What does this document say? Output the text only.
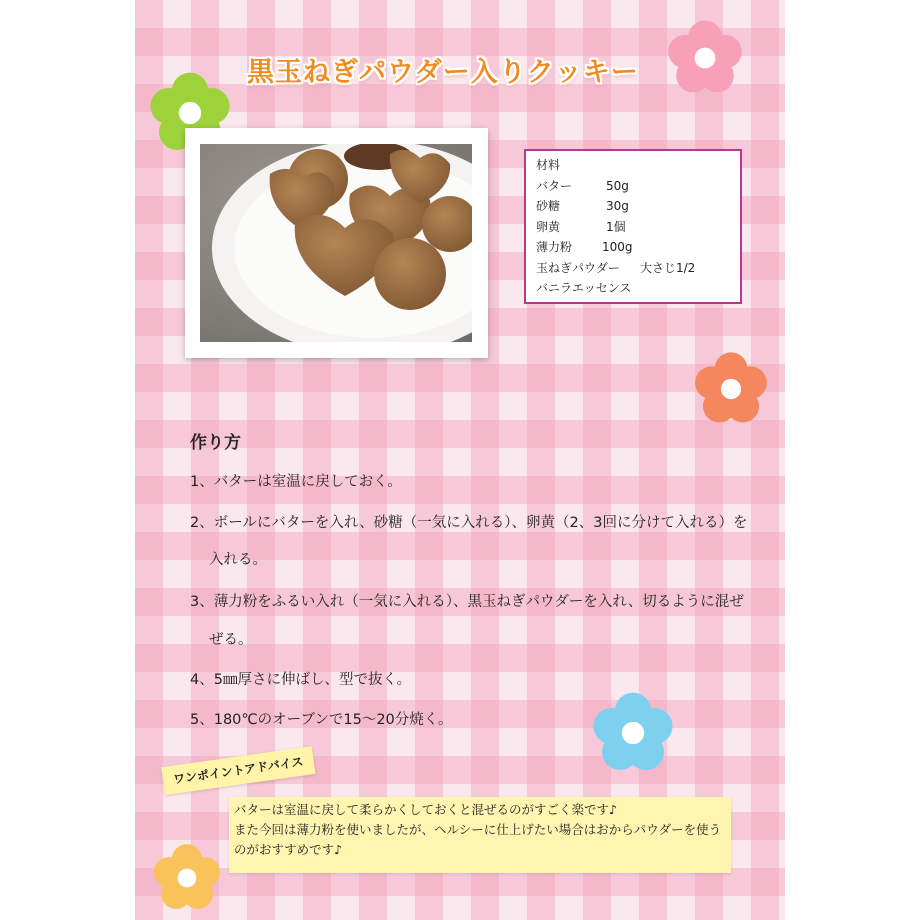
黒玉ねぎパウダー入りクッキー
材料
バター	50g
砂糖	30g
卵黄	1個
薄力粉 100g
玉ねぎパウダー 大さじ1/2
バニラエッセンス
作り方
1、バターは室温に戻しておく。
2、ボールにバターを入れ、砂糖（一気に入れる）、卵黄（2、3回に分けて入れる）を
入れる。
3、薄力粉をふるい入れ（一気に入れる）、黒玉ねぎパウダーを入れ、切るように混ぜ
ぜる。
4、5㎜厚さに伸ばし、型で抜く。
5、180℃のオーブンで15～20分焼く。
ワンポイントアドバイス

バターは室温に戻して柔らかくしておくと混ぜるのがすごく楽です♪

また今回は薄力粉を使いましたが、ヘルシーに仕上げたい場合はおからパウダーを使う

のがおすすめです♪
